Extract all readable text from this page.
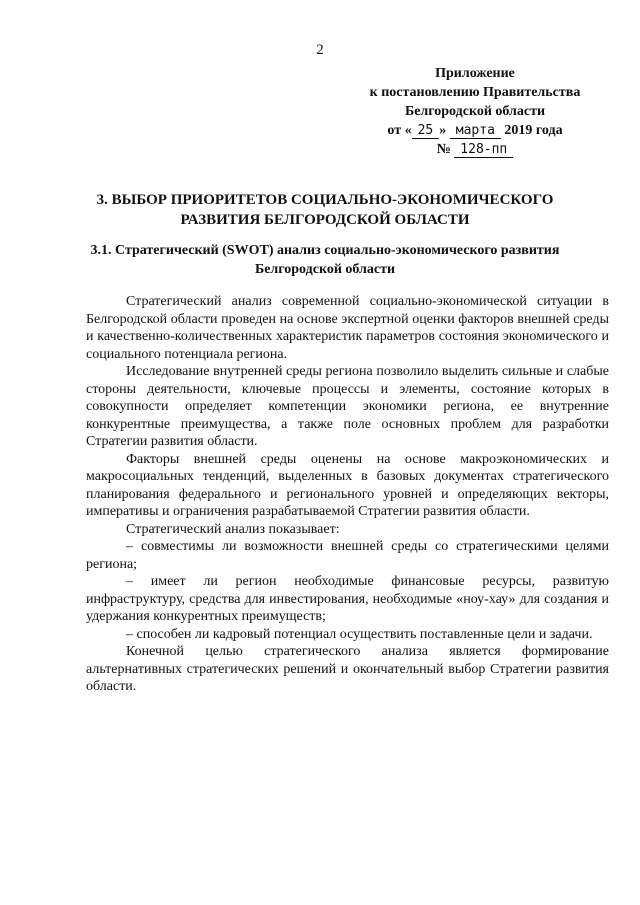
2
Приложение
к постановлению Правительства
Белгородской области
от « 25 » марта 2019 года
№ 128-пп
3. ВЫБОР ПРИОРИТЕТОВ СОЦИАЛЬНО-ЭКОНОМИЧЕСКОГО РАЗВИТИЯ БЕЛГОРОДСКОЙ ОБЛАСТИ
3.1. Стратегический (SWOT) анализ социально-экономического развития Белгородской области

Стратегический анализ современной социально-экономической ситуации в Белгородской области проведен на основе экспертной оценки факторов внешней среды и качественно-количественных характеристик параметров состояния экономического и социального потенциала региона.

Исследование внутренней среды региона позволило выделить сильные и слабые стороны деятельности, ключевые процессы и элементы, состояние которых в совокупности определяет компетенции экономики региона, ее внутренние конкурентные преимущества, а также поле основных проблем для разработки Стратегии развития области.

Факторы внешней среды оценены на основе макроэкономических и макросоциальных тенденций, выделенных в базовых документах стратегического планирования федерального и регионального уровней и определяющих векторы, императивы и ограничения разрабатываемой Стратегии развития области.

Стратегический анализ показывает:

– совместимы ли возможности внешней среды со стратегическими целями региона;

– имеет ли регион необходимые финансовые ресурсы, развитую инфраструктуру, средства для инвестирования, необходимые «ноу-хау» для создания и удержания конкурентных преимуществ;

– способен ли кадровый потенциал осуществить поставленные цели и задачи.

Конечной целью стратегического анализа является формирование альтернативных стратегических решений и окончательный выбор Стратегии развития области.
